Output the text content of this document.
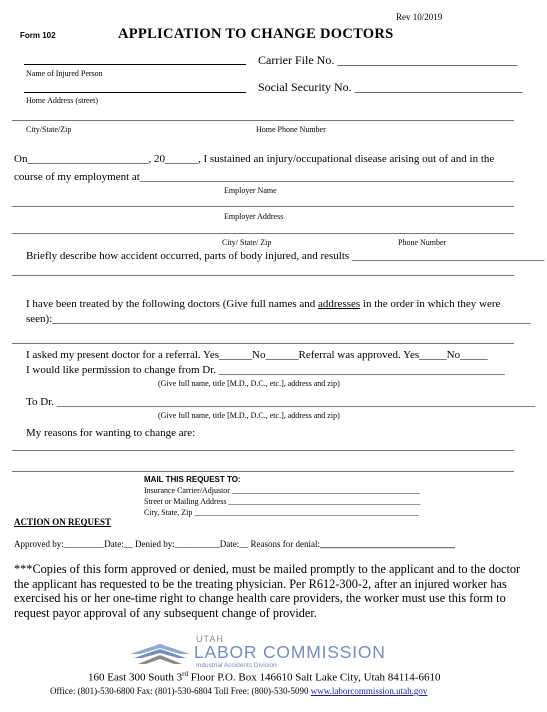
Rev 10/2019
Form 102	APPLICATION TO CHANGE DOCTORS
Carrier File No. ______________________________
Name of Injured Person
Social Security No. ____________________________
Home Address (street)
City/State/Zip	Home Phone Number
On______________________, 20______, I sustained an injury/occupational disease arising out of and in the
course of my employment at____________________________________________________________________
Employer Name
Employer Address
City/ State/ Zip	Phone Number
Briefly describe how accident occurred, parts of body injured, and results ___________________________________
I have been treated by the following doctors (Give full names and addresses in the order in which they were
seen):_______________________________________________________________________________________
I asked my present doctor for a referral. Yes______No______Referral was approved. Yes_____No_____
I would like permission to change from Dr. ____________________________________________________
(Give full name, title [M.D., D.C., etc.], address and zip)
To Dr. _______________________________________________________________________________________
(Give full name, title [M.D., D.C., etc.], address and zip)
My reasons for wanting to change are:
MAIL THIS REQUEST TO:
Insurance Carrier/Adjustor _______________________________________________
Street or Mailing Address ________________________________________________
City, State, Zip ________________________________________________________
ACTION ON REQUEST
Approved by:_________Date:__ Denied by:__________Date:__ Reasons for denial:______________________________
***Copies of this form approved or denied, must be mailed promptly to the applicant and to the doctor the applicant has requested to be the treating physician. Per R612-300-2, after an injured worker has exercised his or her one-time right to change health care providers, the worker must use this form to request payor approval of any subsequent change of provider.
UTAH
LABOR COMMISSION
Industrial Accidents Division
160 East 300 South 3rd Floor P.O. Box 146610 Salt Lake City, Utah 84114-6610
Office: (801)-530-6800 Fax: (801)-530-6804 Toll Free: (800)-530-5090 www.laborcommission.utah.gov
